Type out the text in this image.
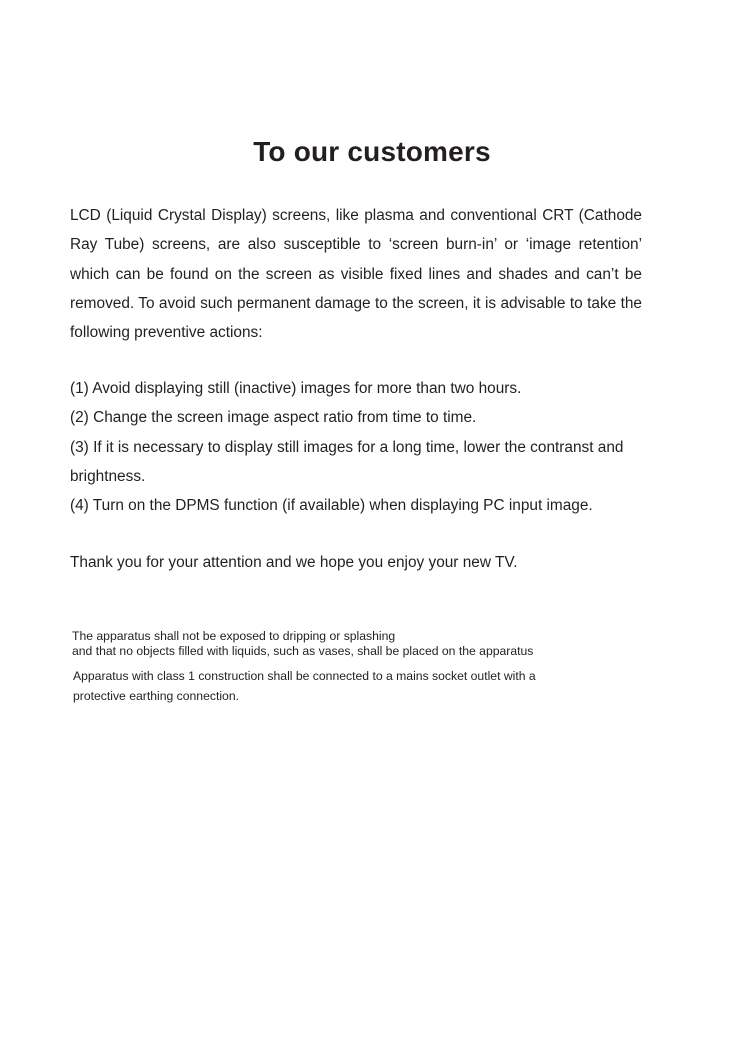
To our customers

LCD (Liquid Crystal Display) screens, like plasma and conventional CRT (Cathode Ray Tube) screens, are also susceptible to ‘screen burn-in’ or ‘image retention’ which can be found on the screen as visible fixed lines and shades and can’t be removed. To avoid such permanent damage to the screen, it is advisable to take the following preventive actions:

(1) Avoid displaying still (inactive) images for more than two hours.
(2) Change the screen image aspect ratio from time to time.
(3) If it is necessary to display still images for a long time, lower the contranst and brightness.
(4) Turn on the DPMS function (if available) when displaying PC input image.

Thank you for your attention and we hope you enjoy your new TV.

The apparatus shall not be exposed to dripping or splashing
and that no objects filled with liquids, such as vases, shall be placed on the apparatus
Apparatus with class 1 construction shall be connected to a mains socket outlet with a
protective earthing connection.
